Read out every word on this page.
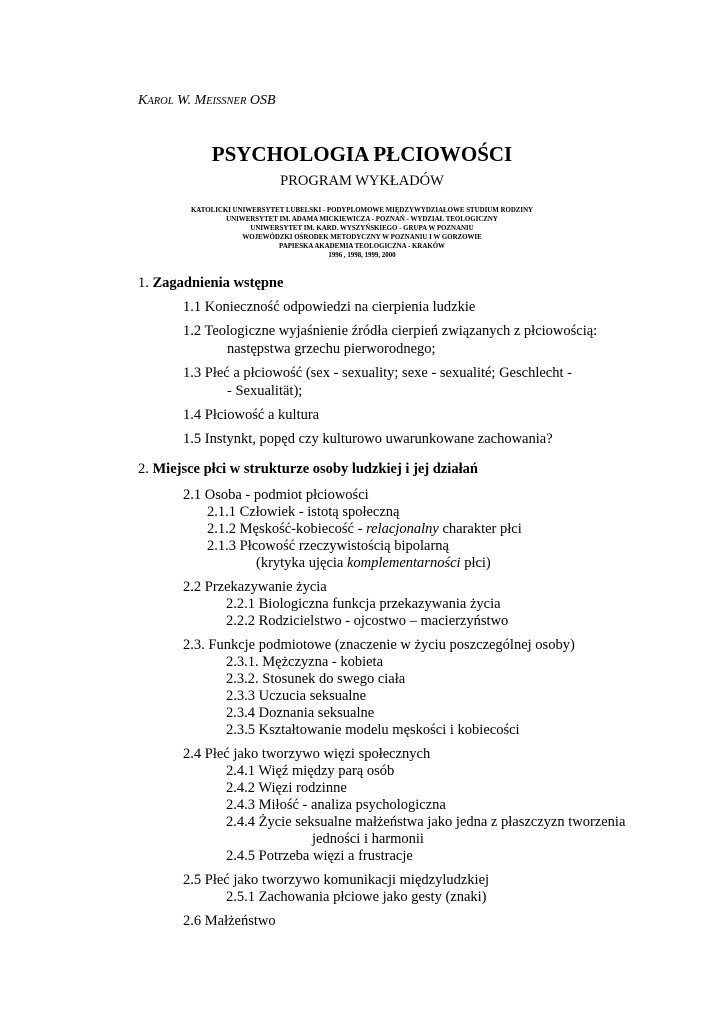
KAROL W. MEISSNER OSB
PSYCHOLOGIA PŁCIOWOŚCI
PROGRAM WYKŁADÓW
KATOLICKI UNIWERSYTET LUBELSKI - PODYPLOMOWE MIĘDZYWYDZIAŁOWE STUDIUM RODZINY
UNIWERSYTET IM. ADAMA MICKIEWICZA - POZNAŃ - WYDZIAŁ TEOLOGICZNY
UNIWERSYTET IM. KARD. WYSZYŃSKIEGO - GRUPA W POZNANIU
WOJEWÓDZKI OŚRODEK METODYCZNY W POZNANIU I W GORZOWIE
PAPIESKA AKADEMIA TEOLOGICZNA - KRAKÓW
1996 , 1998, 1999, 2000
1. Zagadnienia wstępne
1.1 Konieczność odpowiedzi na cierpienia ludzkie
1.2 Teologiczne wyjaśnienie źródła cierpień związanych z płciowością:
następstwa grzechu pierworodnego;
1.3 Płeć a płciowość (sex - sexuality; sexe - sexualité; Geschlecht -
- Sexualität);
1.4 Płciowość a kultura
1.5 Instynkt, popęd czy kulturowo uwarunkowane zachowania?
2. Miejsce płci w strukturze osoby ludzkiej i jej działań
2.1 Osoba - podmiot płciowości
2.1.1 Człowiek - istotą społeczną
2.1.2 Męskość-kobiecość - relacjonalny charakter płci
2.1.3 Płcowość rzeczywistością bipolarną
(krytyka ujęcia komplementarności płci)
2.2 Przekazywanie życia
2.2.1 Biologiczna funkcja przekazywania życia
2.2.2 Rodzicielstwo - ojcostwo – macierzyństwo
2.3. Funkcje podmiotowe (znaczenie w życiu poszczególnej osoby)
2.3.1. Mężczyzna - kobieta
2.3.2. Stosunek do swego ciała
2.3.3 Uczucia seksualne
2.3.4 Doznania seksualne
2.3.5 Kształtowanie modelu męskości i kobiecości
2.4 Płeć jako tworzywo więzi społecznych
2.4.1 Więź między parą osób
2.4.2 Więzi rodzinne
2.4.3 Miłość - analiza psychologiczna
2.4.4 Życie seksualne małżeństwa jako jedna z płaszczyzn tworzenia
jedności i harmonii
2.4.5 Potrzeba więzi a frustracje
2.5 Płeć jako tworzywo komunikacji międzyludzkiej
2.5.1 Zachowania płciowe jako gesty (znaki)
2.6 Małżeństwo
